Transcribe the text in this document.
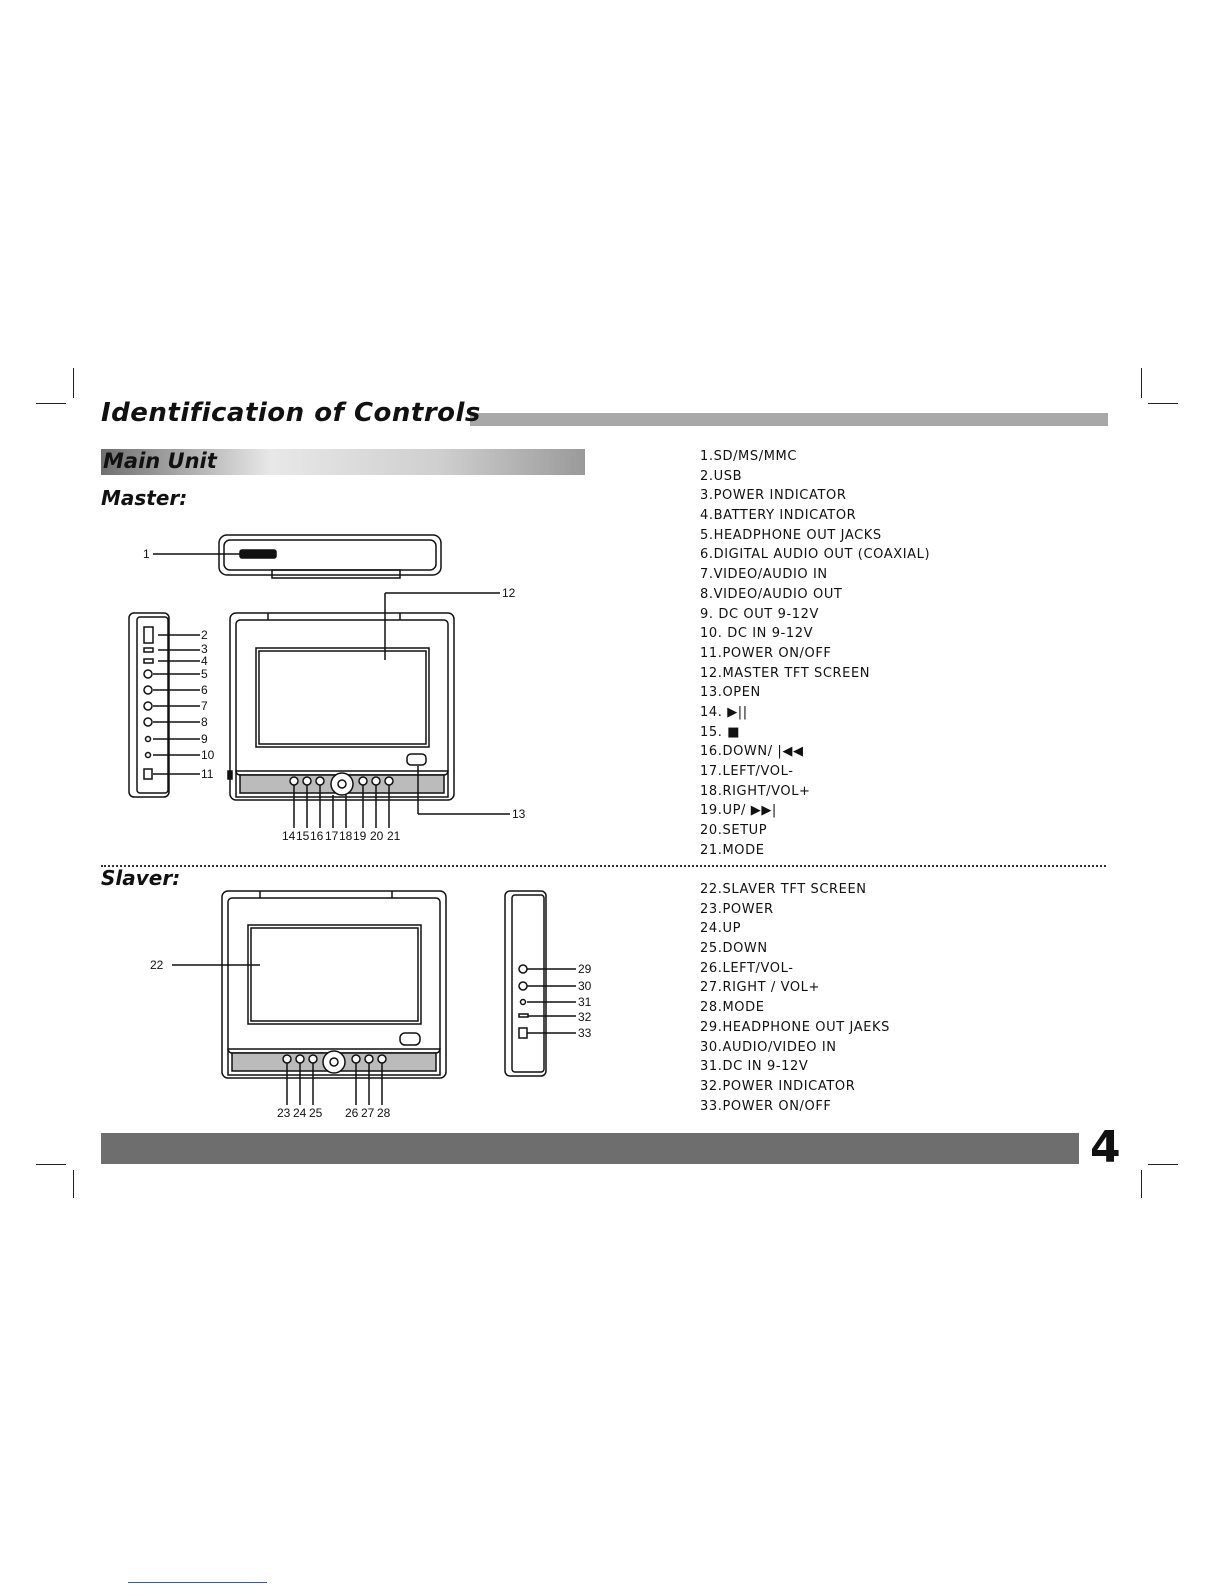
Identification of Controls
Main Unit
Master:
Slaver:
1.SD/MS/MMC
2.USB
3.POWER INDICATOR
4.BATTERY INDICATOR
5.HEADPHONE OUT JACKS
6.DIGITAL AUDIO OUT (COAXIAL)
7.VIDEO/AUDIO IN
8.VIDEO/AUDIO OUT
9. DC OUT 9-12V
10. DC IN 9-12V
11.POWER ON/OFF
12.MASTER TFT SCREEN
13.OPEN
14. ▶||
15. ■
16.DOWN/ |◀◀
17.LEFT/VOL-
18.RIGHT/VOL+
19.UP/ ▶▶|
20.SETUP
21.MODE
22.SLAVER TFT SCREEN
23.POWER
24.UP
25.DOWN
26.LEFT/VOL-
27.RIGHT / VOL+
28.MODE
29.HEADPHONE OUT JAEKS
30.AUDIO/VIDEO IN
31.DC IN 9-12V
32.POWER INDICATOR
33.POWER ON/OFF
1
2
3
4
5
6
7
8
9
10
11
12
13
14 15 16 17 18 19 20 21
22
23 24 25 26 27 28
29
30
31
32
33
4
